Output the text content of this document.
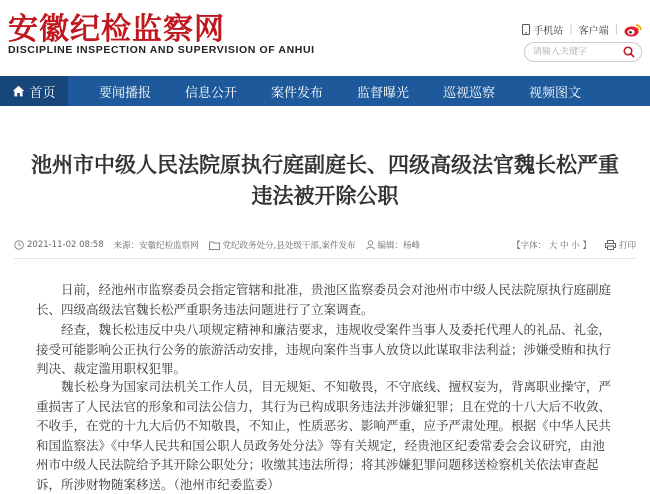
安徽纪检监察网
DISCIPLINE INSPECTION AND SUPERVISION OF ANHUI
手机站 | 客户端 |
请输入关键字
首页	要闻播报	信息公开	案件发布	监督曝光	巡视巡察	视频图文
池州市中级人民法院原执行庭副庭长、四级高级法官魏长松严重违法被开除公职
2021-11-02 08:58 来源：安徽纪检监察网	党纪政务处分,县处级干部,案件发布	编辑：杨峰	【字体： 大 中 小 】	打印

日前，经池州市监察委员会指定管辖和批准，贵池区监察委员会对池州市中级人民法院原执行庭副庭长、四级高级法官魏长松严重职务违法问题进行了立案调查。

经查，魏长松违反中央八项规定精神和廉洁要求，违规收受案件当事人及委托代理人的礼品、礼金，接受可能影响公正执行公务的旅游活动安排，违规向案件当事人放贷以此谋取非法利益；涉嫌受贿和执行判决、裁定滥用职权犯罪。

魏长松身为国家司法机关工作人员，目无规矩、不知敬畏，不守底线、擅权妄为，背离职业操守，严重损害了人民法官的形象和司法公信力，其行为已构成职务违法并涉嫌犯罪；且在党的十八大后不收敛、不收手，在党的十九大后仍不知敬畏，不知止，性质恶劣、影响严重，应予严肃处理。根据《中华人民共和国监察法》《中华人民共和国公职人员政务处分法》等有关规定，经贵池区纪委常委会会议研究，由池州市中级人民法院给予其开除公职处分；收缴其违法所得；将其涉嫌犯罪问题移送检察机关依法审查起诉，所涉财物随案移送。（池州市纪委监委）
